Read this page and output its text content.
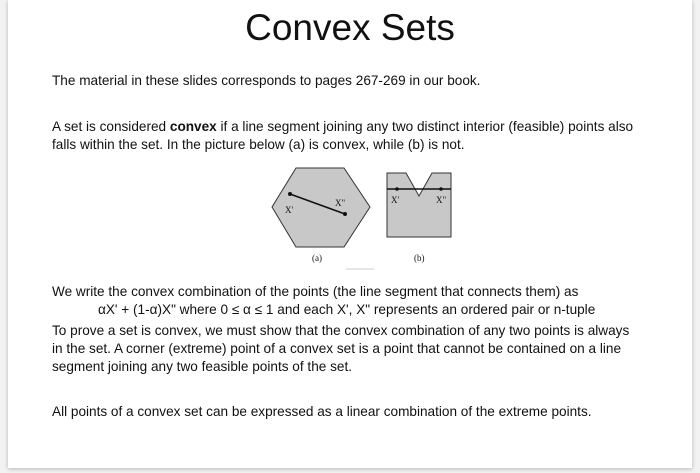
Convex Sets
The material in these slides corresponds to pages 267-269 in our book.
A set is considered convex if a line segment joining any two distinct interior (feasible) points also
falls within the set. In the picture below (a) is convex, while (b) is not.
X'
X"	X'	X"
(a)	(b)
We write the convex combination of the points (the line segment that connects them) as
αX' + (1-α)X" where 0 ≤ α ≤ 1 and each X', X" represents an ordered pair or n-tuple
To prove a set is convex, we must show that the convex combination of any two points is always
in the set. A corner (extreme) point of a convex set is a point that cannot be contained on a line
segment joining any two feasible points of the set.
All points of a convex set can be expressed as a linear combination of the extreme points.
